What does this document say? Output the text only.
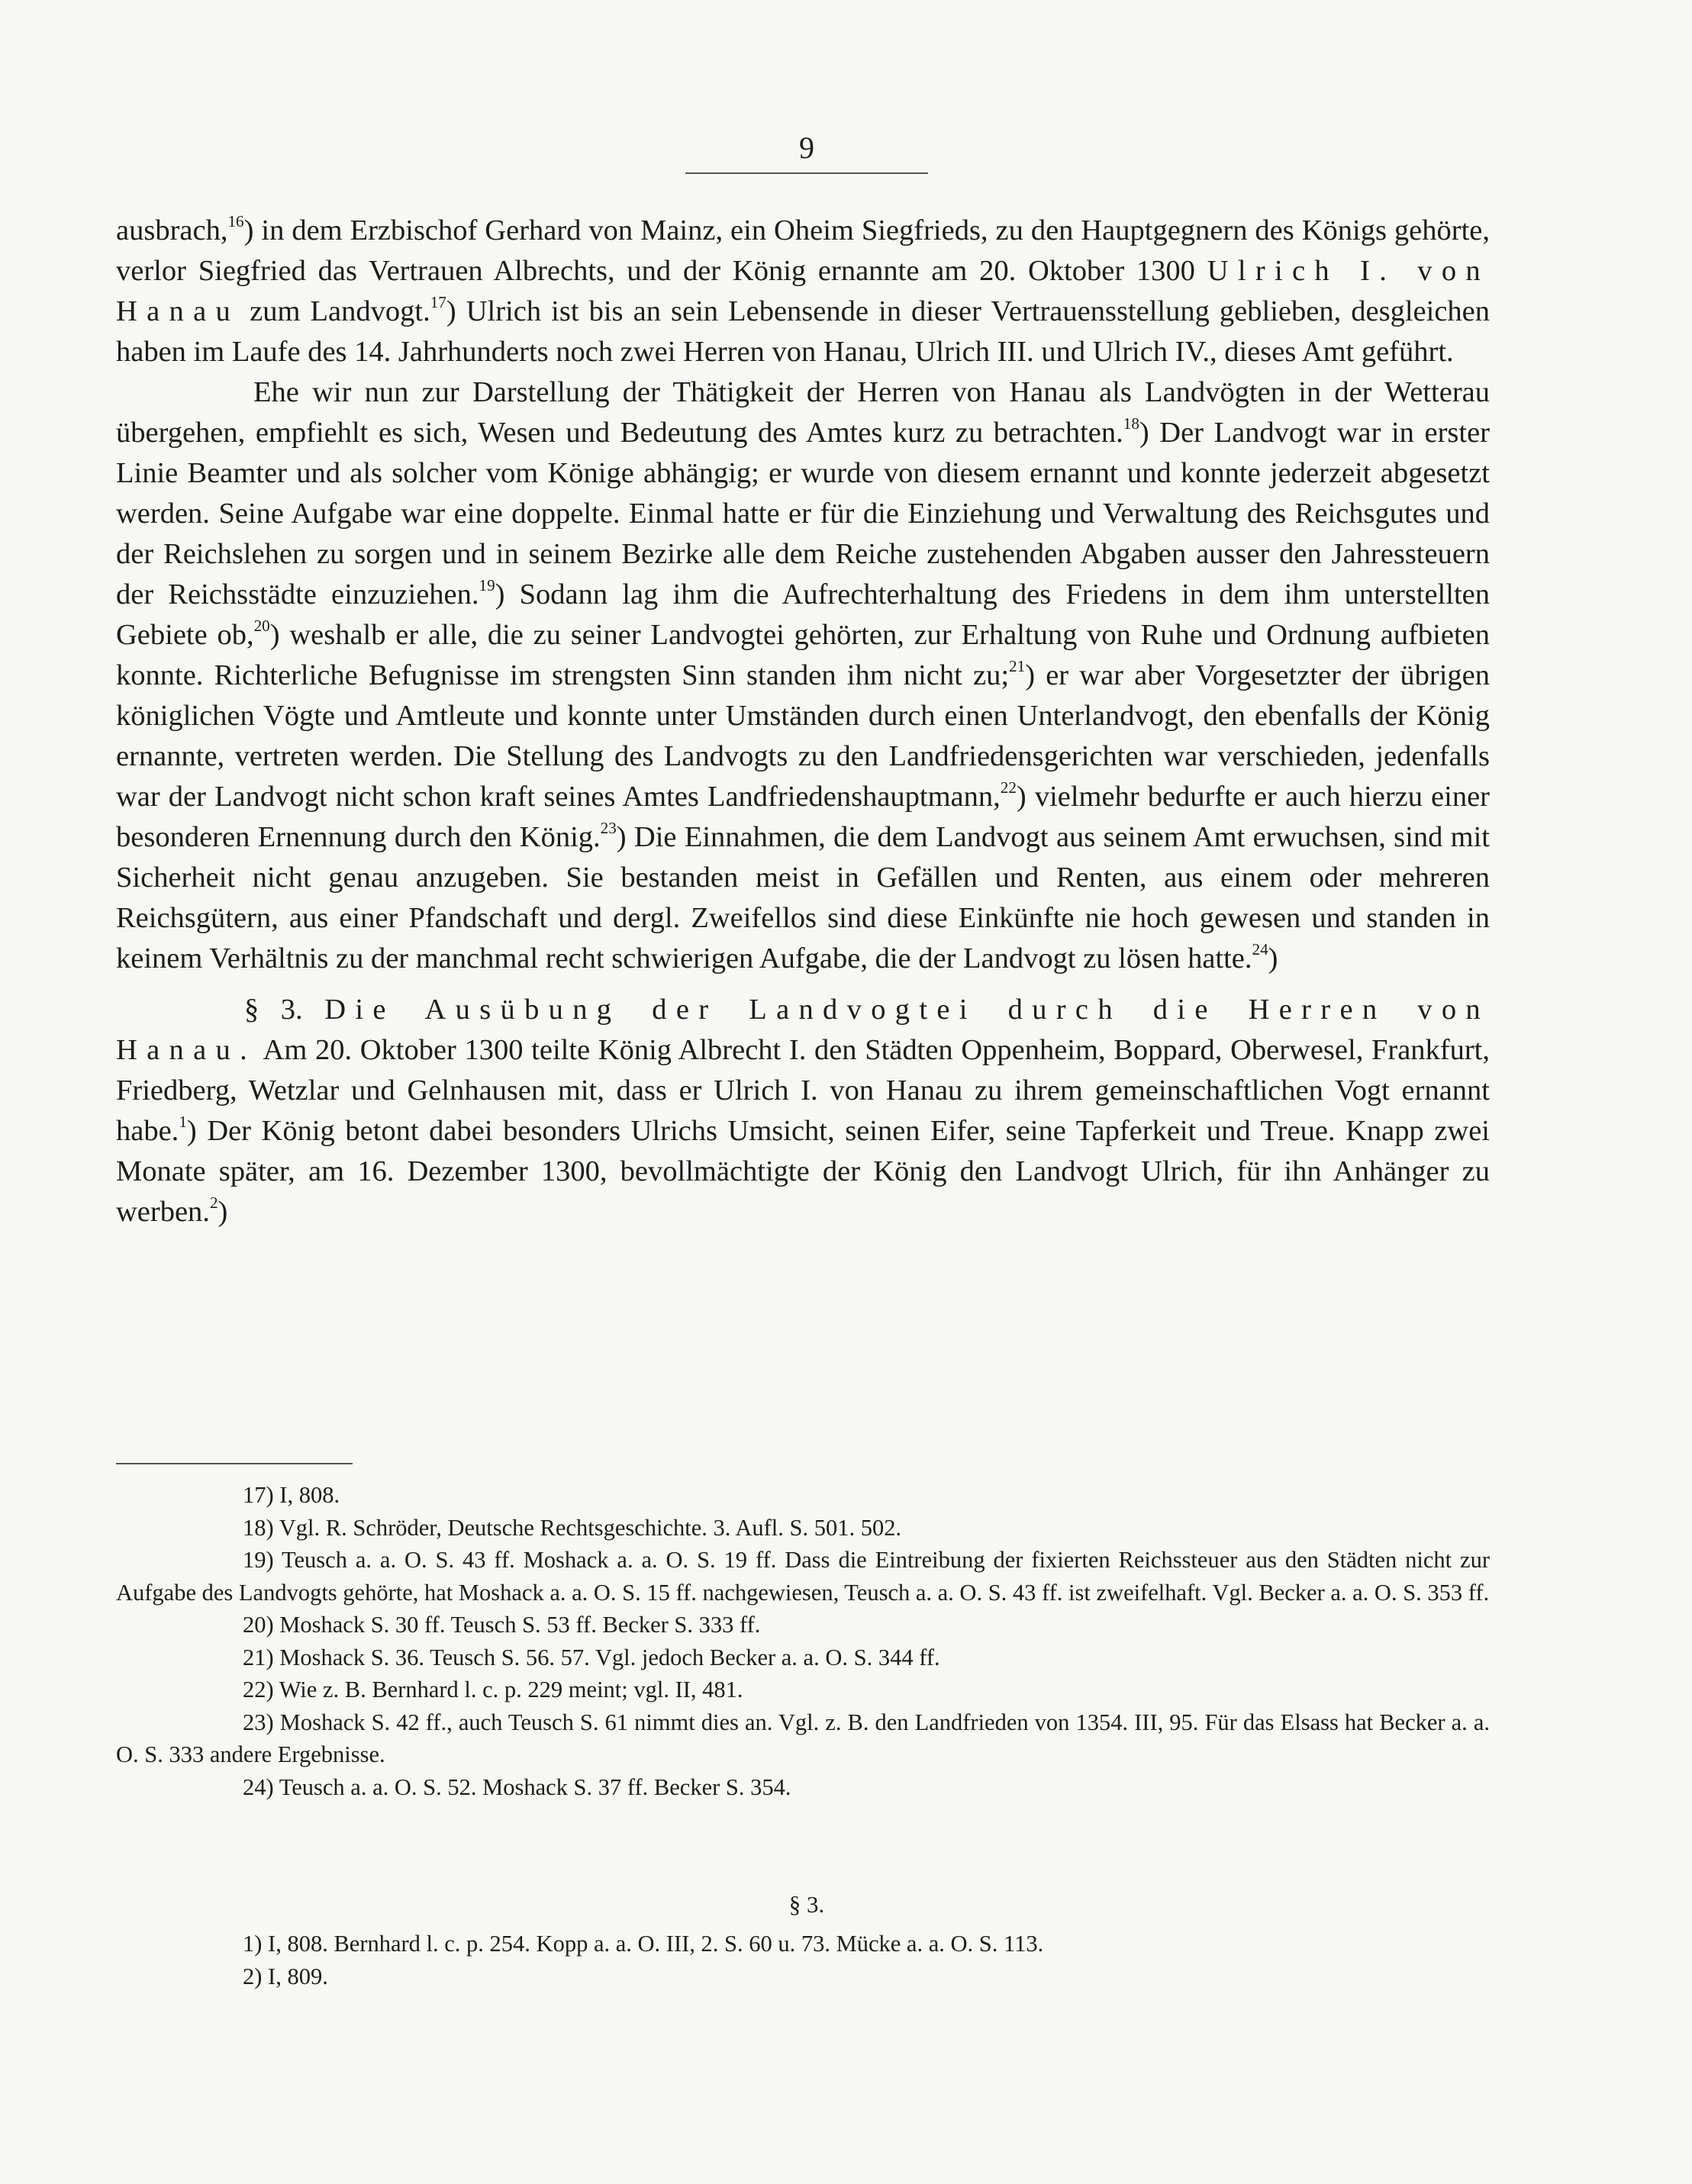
9

ausbrach,$^{16}$) in dem Erzbischof Gerhard von Mainz, ein Oheim Siegfrieds, zu den Hauptgegnern des Königs gehörte, verlor Siegfried das Vertrauen Albrechts, und der König ernannte am 20. Oktober 1300 Ulrich I. von Hanau zum Landvogt.$^{17}$) Ulrich ist bis an sein Lebensende in dieser Vertrauensstellung geblieben, desgleichen haben im Laufe des 14. Jahrhunderts noch zwei Herren von Hanau, Ulrich III. und Ulrich IV., dieses Amt geführt.

Ehe wir nun zur Darstellung der Thätigkeit der Herren von Hanau als Landvögten in der Wetterau übergehen, empfiehlt es sich, Wesen und Bedeutung des Amtes kurz zu betrachten.$^{18}$) Der Landvogt war in erster Linie Beamter und als solcher vom Könige abhängig; er wurde von diesem ernannt und konnte jederzeit abgesetzt werden. Seine Aufgabe war eine doppelte. Einmal hatte er für die Einziehung und Verwaltung des Reichsgutes und der Reichslehen zu sorgen und in seinem Bezirke alle dem Reiche zustehenden Abgaben ausser den Jahressteuern der Reichsstädte einzuziehen.$^{19}$) Sodann lag ihm die Aufrechterhaltung des Friedens in dem ihm unterstellten Gebiete ob,$^{20}$) weshalb er alle, die zu seiner Landvogtei gehörten, zur Erhaltung von Ruhe und Ordnung aufbieten konnte. Richterliche Befugnisse im strengsten Sinn standen ihm nicht zu;$^{21}$) er war aber Vorgesetzter der übrigen königlichen Vögte und Amtleute und konnte unter Umständen durch einen Unterlandvogt, den ebenfalls der König ernannte, vertreten werden. Die Stellung des Landvogts zu den Landfriedensgerichten war verschieden, jedenfalls war der Landvogt nicht schon kraft seines Amtes Landfriedenshauptmann,$^{22}$) vielmehr bedurfte er auch hierzu einer besonderen Ernennung durch den König.$^{23}$) Die Einnahmen, die dem Landvogt aus seinem Amt erwuchsen, sind mit Sicherheit nicht genau anzugeben. Sie bestanden meist in Gefällen und Renten, aus einem oder mehreren Reichsgütern, aus einer Pfandschaft und dergl. Zweifellos sind diese Einkünfte nie hoch gewesen und standen in keinem Verhältnis zu der manchmal recht schwierigen Aufgabe, die der Landvogt zu lösen hatte.$^{24}$)

§ 3. Die Ausübung der Landvogtei durch die Herren von Hanau. Am 20. Oktober 1300 teilte König Albrecht I. den Städten Oppenheim, Boppard, Oberwesel, Frankfurt, Friedberg, Wetzlar und Gelnhausen mit, dass er Ulrich I. von Hanau zu ihrem gemeinschaftlichen Vogt ernannt habe.$^1$) Der König betont dabei besonders Ulrichs Umsicht, seinen Eifer, seine Tapferkeit und Treue. Knapp zwei Monate später, am 16. Dezember 1300, bevollmächtigte der König den Landvogt Ulrich, für ihn Anhänger zu werben.$^2$)

17) I, 808.

18) Vgl. R. Schröder, Deutsche Rechtsgeschichte. 3. Aufl. S. 501. 502.

19) Teusch a. a. O. S. 43 ff. Moshack a. a. O. S. 19 ff. Dass die Eintreibung der fixierten Reichssteuer aus den Städten nicht zur Aufgabe des Landvogts gehörte, hat Moshack a. a. O. S. 15 ff. nachgewiesen, Teusch a. a. O. S. 43 ff. ist zweifelhaft. Vgl. Becker a. a. O. S. 353 ff.

20) Moshack S. 30 ff. Teusch S. 53 ff. Becker S. 333 ff.

21) Moshack S. 36. Teusch S. 56. 57. Vgl. jedoch Becker a. a. O. S. 344 ff.

22) Wie z. B. Bernhard l. c. p. 229 meint; vgl. II, 481.

23) Moshack S. 42 ff., auch Teusch S. 61 nimmt dies an. Vgl. z. B. den Landfrieden von 1354. III, 95. Für das Elsass hat Becker a. a. O. S. 333 andere Ergebnisse.

24) Teusch a. a. O. S. 52. Moshack S. 37 ff. Becker S. 354.

§ 3.

1) I, 808. Bernhard l. c. p. 254. Kopp a. a. O. III, 2. S. 60 u. 73. Mücke a. a. O. S. 113.

2) I, 809.
